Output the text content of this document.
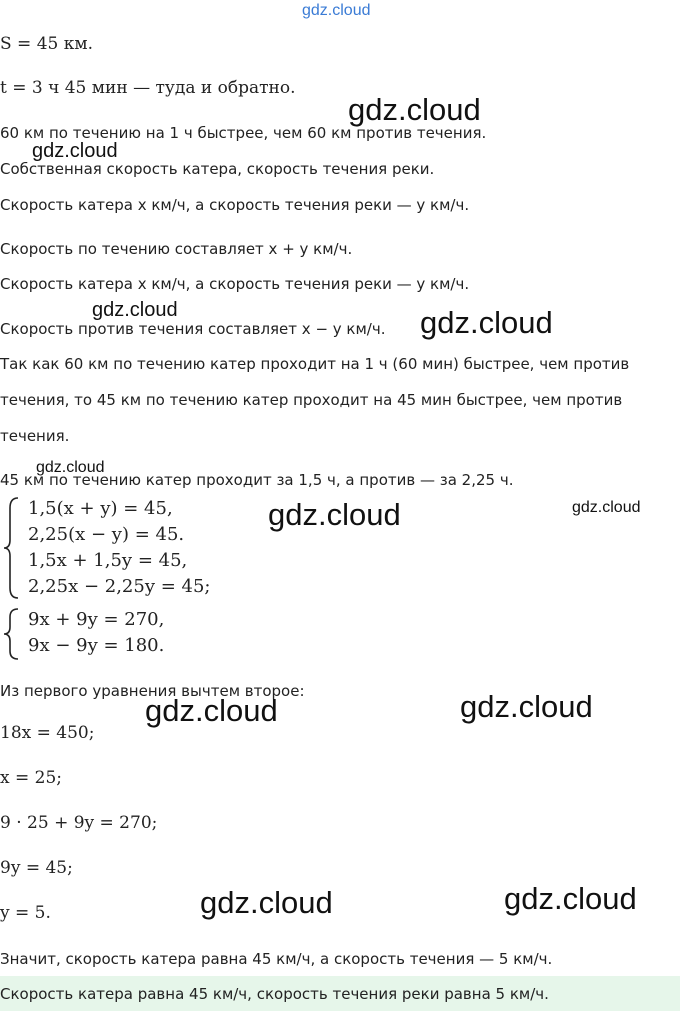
gdz.cloud
S = 45 км.
t = 3 ч 45 мин — туда и обратно.
60 км по течению на 1 ч быстрее, чем 60 км против течения.
Собственная скорость катера, скорость течения реки.
Скорость катера x км/ч, а скорость течения реки — y км/ч.
Скорость по течению составляет x + y км/ч.
Скорость катера x км/ч, а скорость течения реки — y км/ч.
Скорость против течения составляет x − y км/ч.
Так как 60 км по течению катер проходит на 1 ч (60 мин) быстрее, чем против
течения, то 45 км по течению катер проходит на 45 мин быстрее, чем против
течения.
45 км по течению катер проходит за 1,5 ч, а против — за 2,25 ч.
1,5(x + y) = 45,
2,25(x − y) = 45.
1,5x + 1,5y = 45,
2,25x − 2,25y = 45;
9x + 9y = 270,
9x − 9y = 180.
Из первого уравнения вычтем второе:
18x = 450;
x = 25;
9 · 25 + 9y = 270;
9y = 45;
y = 5.
Значит, скорость катера равна 45 км/ч, а скорость течения — 5 км/ч.
Скорость катера равна 45 км/ч, скорость течения реки равна 5 км/ч.
gdz.cloud
gdz.cloud
gdz.cloud	gdz.cloud
gdz.cloud
gdz.cloud	gdz.cloud
gdz.cloud	gdz.cloud
gdz.cloud	gdz.cloud
